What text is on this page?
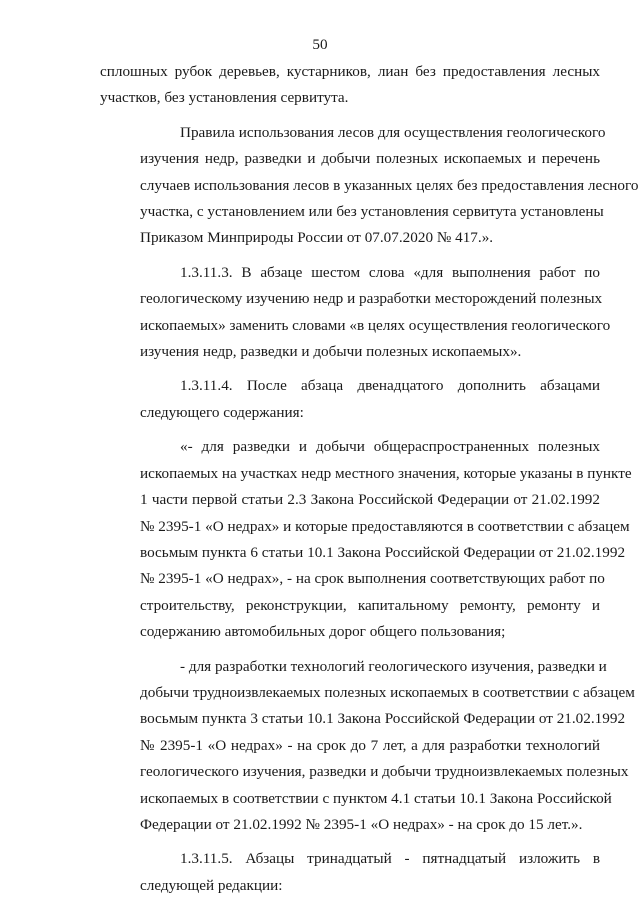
50
сплошных рубок деревьев, кустарников, лиан без предоставления лесных
участков, без установления сервитута.
Правила использования лесов для осуществления геологического
изучения недр, разведки и добычи полезных ископаемых и перечень
случаев использования лесов в указанных целях без предоставления лесного
участка, с установлением или без установления сервитута установлены
Приказом Минприроды России от 07.07.2020 № 417.».
1.3.11.3. В абзаце шестом слова «для выполнения работ по
геологическому изучению недр и разработки месторождений полезных
ископаемых» заменить словами «в целях осуществления геологического
изучения недр, разведки и добычи полезных ископаемых».
1.3.11.4. После абзаца двенадцатого дополнить абзацами
следующего содержания:
«- для разведки и добычи общераспространенных полезных
ископаемых на участках недр местного значения, которые указаны в пункте
1 части первой статьи 2.3 Закона Российской Федерации от 21.02.1992
№ 2395-1 «О недрах» и которые предоставляются в соответствии с абзацем
восьмым пункта 6 статьи 10.1 Закона Российской Федерации от 21.02.1992
№ 2395-1 «О недрах», - на срок выполнения соответствующих работ по
строительству, реконструкции, капитальному ремонту, ремонту и
содержанию автомобильных дорог общего пользования;
- для разработки технологий геологического изучения, разведки и
добычи трудноизвлекаемых полезных ископаемых в соответствии с абзацем
восьмым пункта 3 статьи 10.1 Закона Российской Федерации от 21.02.1992
№ 2395-1 «О недрах» - на срок до 7 лет, а для разработки технологий
геологического изучения, разведки и добычи трудноизвлекаемых полезных
ископаемых в соответствии с пунктом 4.1 статьи 10.1 Закона Российской
Федерации от 21.02.1992 № 2395-1 «О недрах» - на срок до 15 лет.».
1.3.11.5. Абзацы тринадцатый - пятнадцатый изложить в
следующей редакции:
